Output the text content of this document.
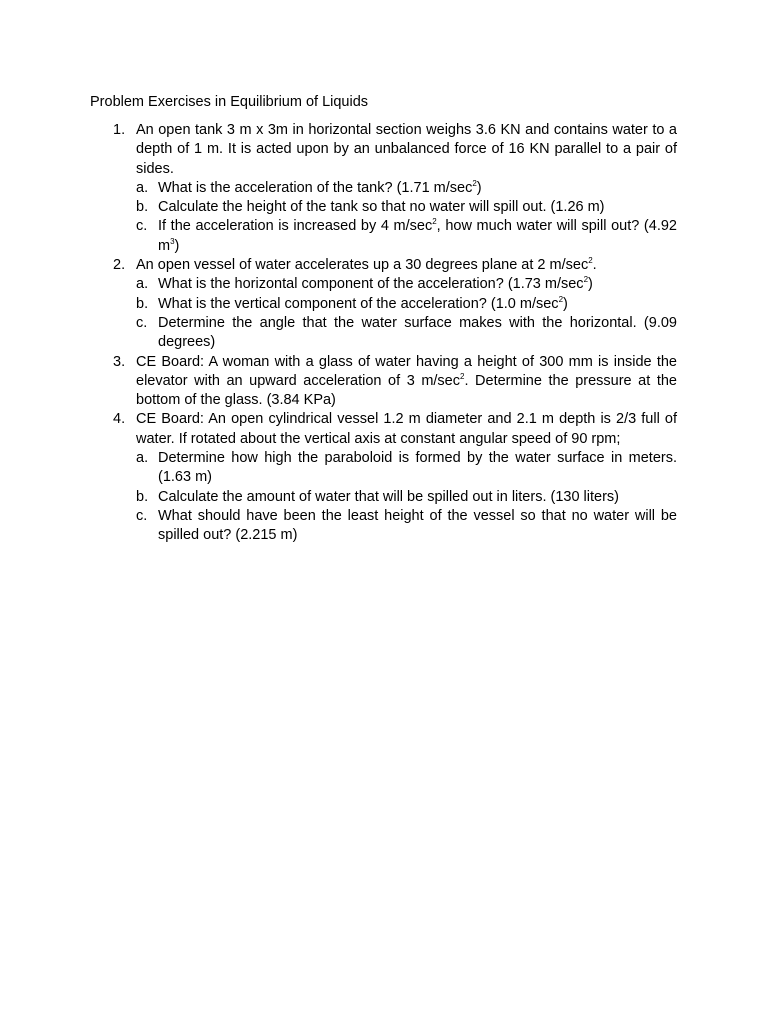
Problem Exercises in Equilibrium of Liquids
1. An open tank 3 m x 3m in horizontal section weighs 3.6 KN and contains water to a depth of 1 m. It is acted upon by an unbalanced force of 16 KN parallel to a pair of sides.
a. What is the acceleration of the tank? (1.71 $m/\sec^2$)
b. Calculate the height of the tank so that no water will spill out. (1.26 m)
c. If the acceleration is increased by 4 $m/\sec^2$, how much water will spill out? (4.92 $m^3$)
2. An open vessel of water accelerates up a 30 degrees plane at 2 $m/\sec^2$.
a. What is the horizontal component of the acceleration? (1.73 $m/\sec^2$)
b. What is the vertical component of the acceleration? (1.0 $m/\sec^2$)
c. Determine the angle that the water surface makes with the horizontal. (9.09 degrees)
3. CE Board: A woman with a glass of water having a height of 300 mm is inside the elevator with an upward acceleration of 3 $m/\sec^2$. Determine the pressure at the bottom of the glass. (3.84 KPa)
4. CE Board: An open cylindrical vessel 1.2 m diameter and 2.1 m depth is 2/3 full of water. If rotated about the vertical axis at constant angular speed of 90 rpm;
a. Determine how high the paraboloid is formed by the water surface in meters. (1.63 m)
b. Calculate the amount of water that will be spilled out in liters. (130 liters)
c. What should have been the least height of the vessel so that no water will be spilled out? (2.215 m)
